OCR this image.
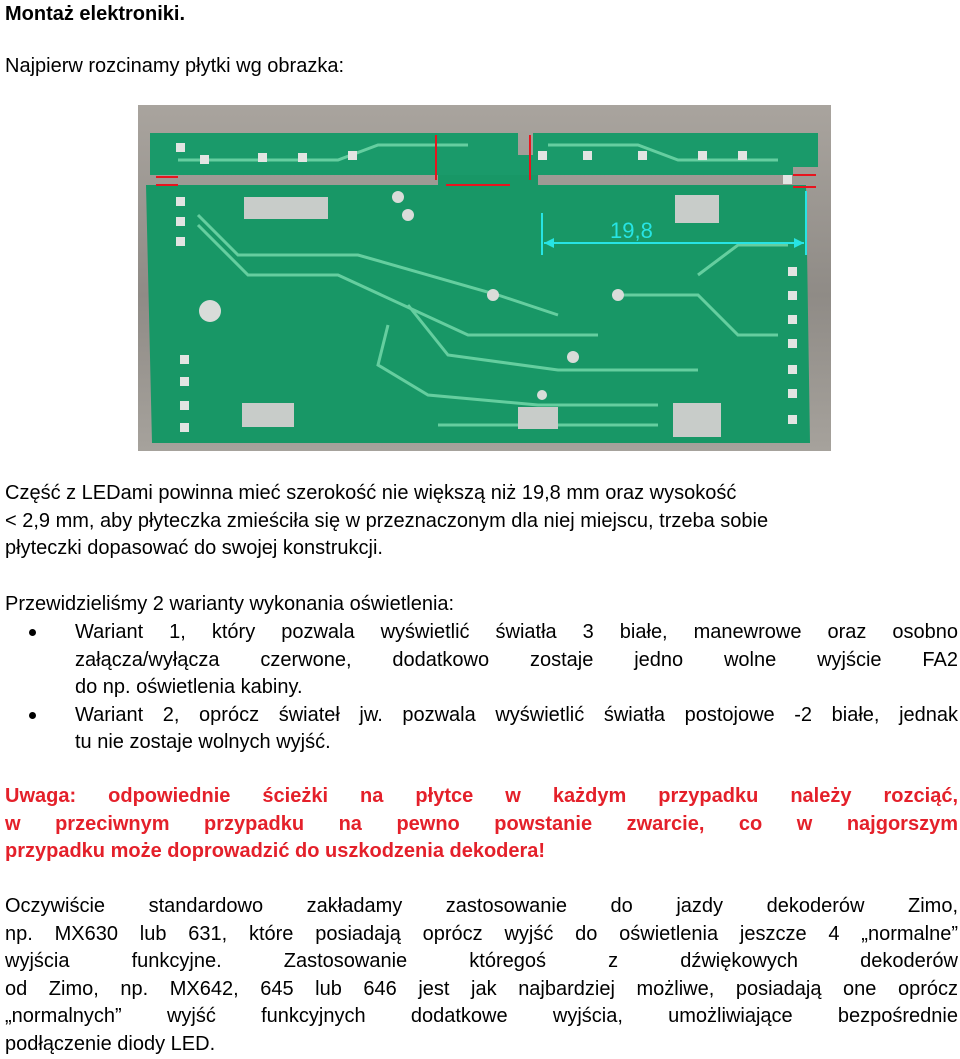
Montaż elektroniki.
Najpierw rozcinamy płytki wg obrazka:
19,8
Część z LEDami powinna mieć szerokość nie większą niż 19,8 mm oraz wysokość
< 2,9 mm, aby płyteczka zmieściła się w przeznaczonym dla niej miejscu, trzeba sobie
płyteczki dopasować do swojej konstrukcji.
Przewidzieliśmy 2 warianty wykonania oświetlenia:
Wariant 1, który pozwala wyświetlić światła 3 białe, manewrowe oraz osobno
załącza/wyłącza czerwone, dodatkowo zostaje jedno wolne wyjście FA2
do np. oświetlenia kabiny.
Wariant 2, oprócz świateł jw. pozwala wyświetlić światła postojowe -2 białe, jednak
tu nie zostaje wolnych wyjść.
Uwaga: odpowiednie ścieżki na płytce w każdym przypadku należy rozciąć,
w przeciwnym przypadku na pewno powstanie zwarcie, co w najgorszym
przypadku może doprowadzić do uszkodzenia dekodera!
Oczywiście standardowo zakładamy zastosowanie do jazdy dekoderów Zimo,
np. MX630 lub 631, które posiadają oprócz wyjść do oświetlenia jeszcze 4 „normalne”
wyjścia funkcyjne. Zastosowanie któregoś z dźwiękowych dekoderów
od Zimo, np. MX642, 645 lub 646 jest jak najbardziej możliwe, posiadają one oprócz
„normalnych” wyjść funkcyjnych dodatkowe wyjścia, umożliwiające bezpośrednie
podłączenie diody LED.
